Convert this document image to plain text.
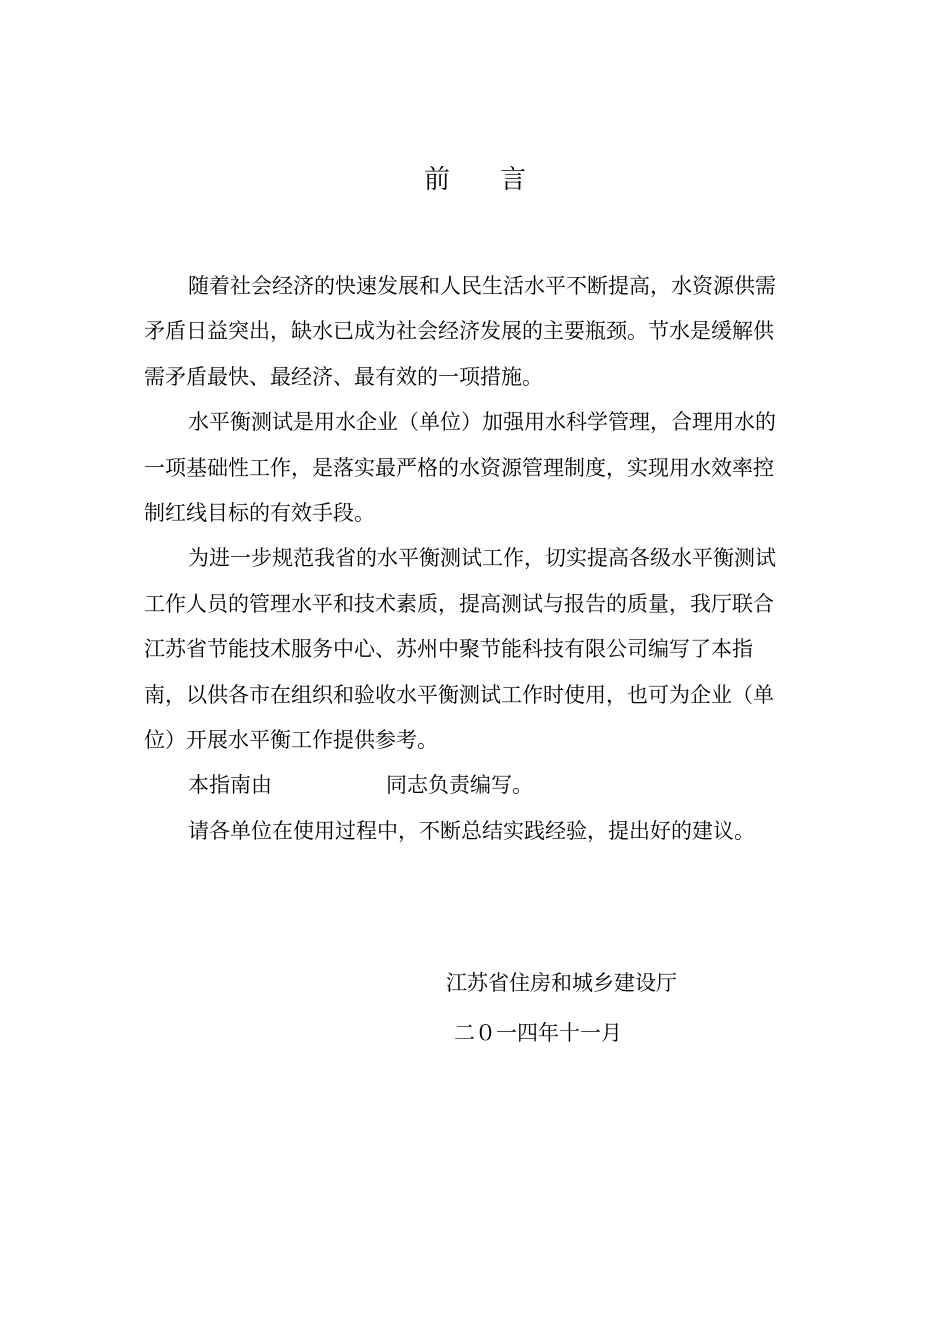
前 言
随着社会经济的快速发展和人民生活水平不断提高，水资源供需
矛盾日益突出，缺水已成为社会经济发展的主要瓶颈。节水是缓解供
需矛盾最快、最经济、最有效的一项措施。
水平衡测试是用水企业（单位）加强用水科学管理，合理用水的
一项基础性工作，是落实最严格的水资源管理制度，实现用水效率控
制红线目标的有效手段。
为进一步规范我省的水平衡测试工作，切实提高各级水平衡测试
工作人员的管理水平和技术素质，提高测试与报告的质量，我厅联合
江苏省节能技术服务中心、苏州中聚节能科技有限公司编写了本指
南，以供各市在组织和验收水平衡测试工作时使用，也可为企业（单
位）开展水平衡工作提供参考。
本指南由	同志负责编写。
请各单位在使用过程中，不断总结实践经验，提出好的建议。
江苏省住房和城乡建设厅
二０一四年十一月
